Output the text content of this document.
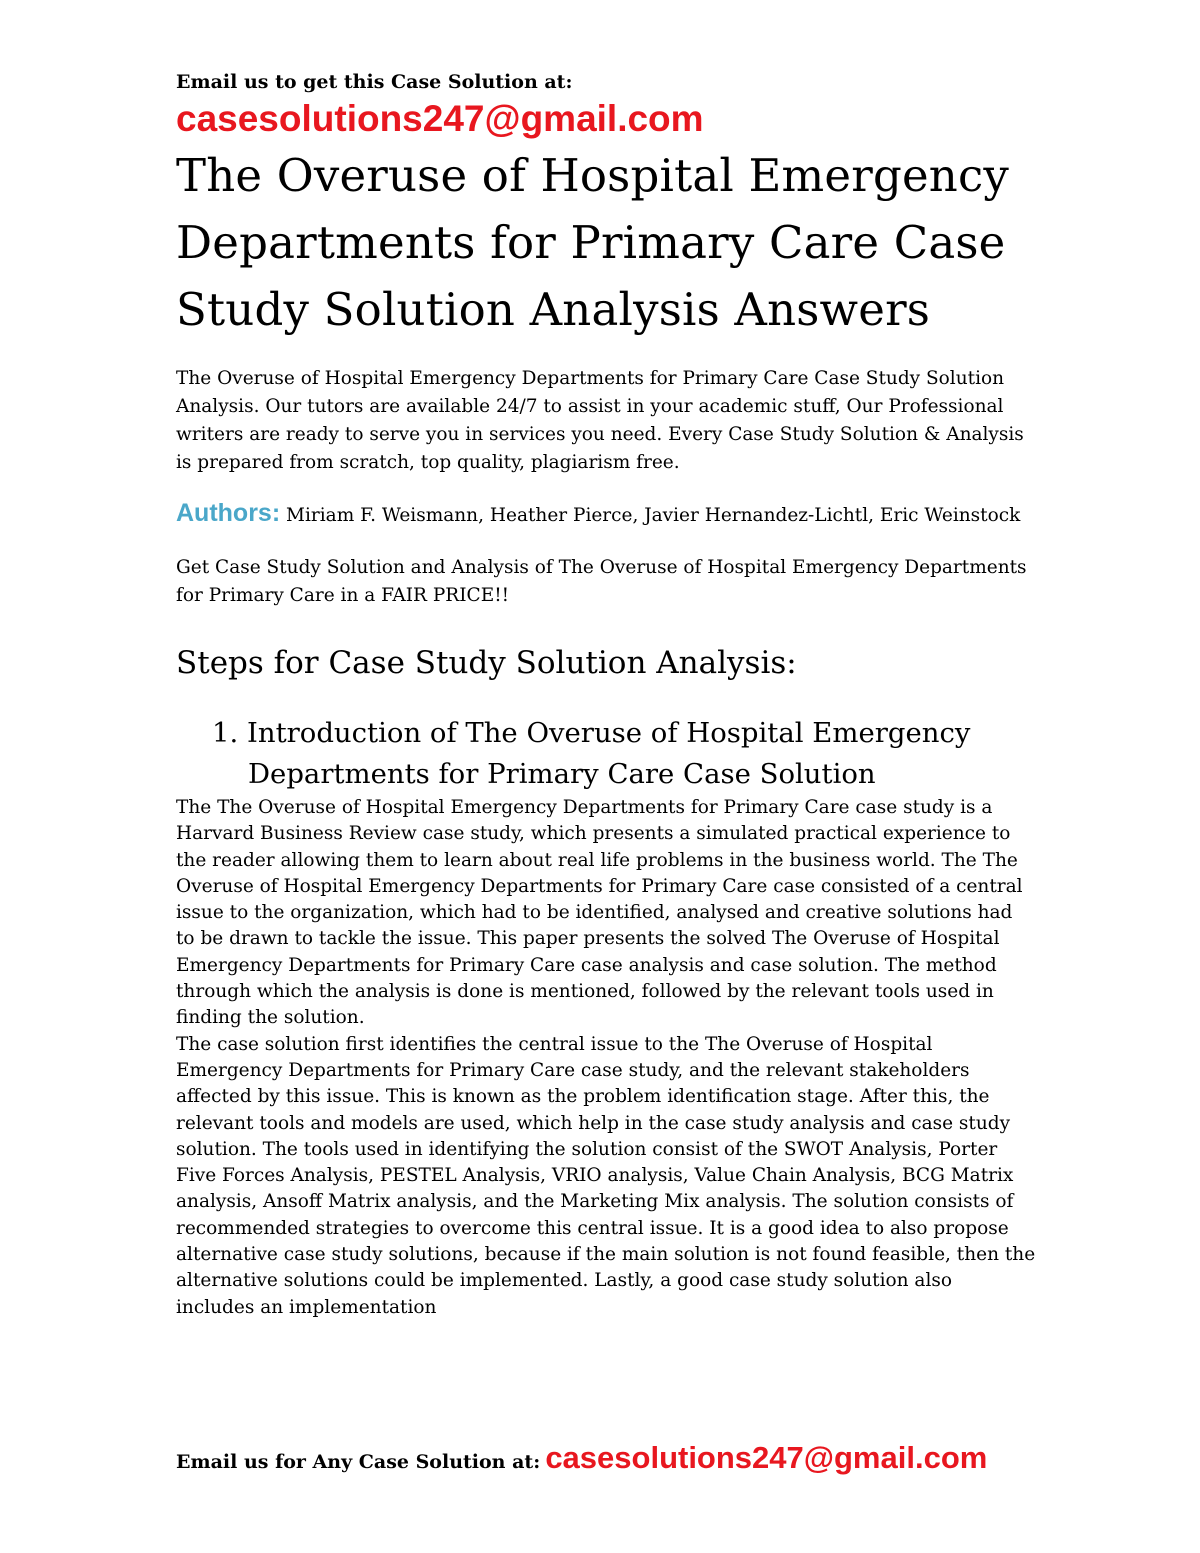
Email us to get this Case Solution at:

casesolutions247@gmail.com

The Overuse of Hospital Emergency Departments for Primary Care Case Study Solution Analysis Answers

The Overuse of Hospital Emergency Departments for Primary Care Case Study Solution Analysis. Our tutors are available 24/7 to assist in your academic stuff, Our Professional writers are ready to serve you in services you need. Every Case Study Solution & Analysis is prepared from scratch, top quality, plagiarism free.

Authors: Miriam F. Weismann, Heather Pierce, Javier Hernandez-Lichtl, Eric Weinstock

Get Case Study Solution and Analysis of The Overuse of Hospital Emergency Departments for Primary Care in a FAIR PRICE!!

Steps for Case Study Solution Analysis:
1. Introduction of The Overuse of Hospital Emergency Departments for Primary Care Case Solution

The The Overuse of Hospital Emergency Departments for Primary Care case study is a Harvard Business Review case study, which presents a simulated practical experience to the reader allowing them to learn about real life problems in the business world. The The Overuse of Hospital Emergency Departments for Primary Care case consisted of a central issue to the organization, which had to be identified, analysed and creative solutions had to be drawn to tackle the issue. This paper presents the solved The Overuse of Hospital Emergency Departments for Primary Care case analysis and case solution. The method through which the analysis is done is mentioned, followed by the relevant tools used in finding the solution.

The case solution first identifies the central issue to the The Overuse of Hospital Emergency Departments for Primary Care case study, and the relevant stakeholders affected by this issue. This is known as the problem identification stage. After this, the relevant tools and models are used, which help in the case study analysis and case study solution. The tools used in identifying the solution consist of the SWOT Analysis, Porter Five Forces Analysis, PESTEL Analysis, VRIO analysis, Value Chain Analysis, BCG Matrix analysis, Ansoff Matrix analysis, and the Marketing Mix analysis. The solution consists of recommended strategies to overcome this central issue. It is a good idea to also propose alternative case study solutions, because if the main solution is not found feasible, then the alternative solutions could be implemented. Lastly, a good case study solution also includes an implementation

Email us for Any Case Solution at: casesolutions247@gmail.com
